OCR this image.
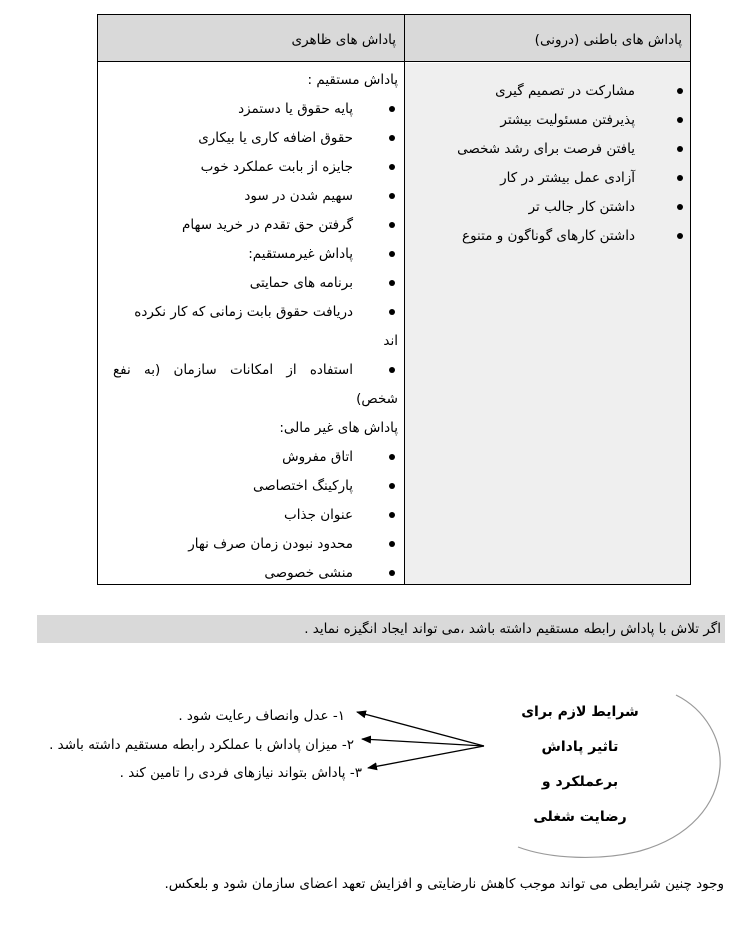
پاداش های ظاهری	پاداش های باطنی (درونی)
پاداش مستقیم :
پایه حقوق یا دستمزد
حقوق اضافه کاری یا بیکاری
جایزه از بابت عملکرد خوب
سهیم شدن در سود
گرفتن حق تقدم در خرید سهام
پاداش غیرمستقیم:
برنامه های حمایتی
دریافت حقوق بابت زمانی که کار نکرده
اند
استفاده از امکانات سازمان (به نفع
شخص)
پاداش های غیر مالی:
اتاق مفروش
پارکینگ اختصاصی
عنوان جذاب
محدود نبودن زمان صرف نهار
منشی خصوصی
مشارکت در تصمیم گیری
پذیرفتن مسئولیت بیشتر
یافتن فرصت برای رشد شخصی
آزادی عمل بیشتر در کار
داشتن کار جالب تر
داشتن کارهای گوناگون و متنوع
اگر تلاش با پاداش رابطه مستقیم داشته باشد ،می تواند ایجاد انگیزه نماید .
شرایط لازم برای
تاثیر پاداش
برعملکرد و
رضایت شغلی
۱- عدل وانصاف رعایت شود .
۲- میزان پاداش با عملکرد رابطه مستقیم داشته باشد .
۳- پاداش بتواند نیازهای فردی را تامین کند .
وجود چنین شرایطی می تواند موجب کاهش نارضایتی و افزایش تعهد اعضای سازمان شود و بلعکس.
